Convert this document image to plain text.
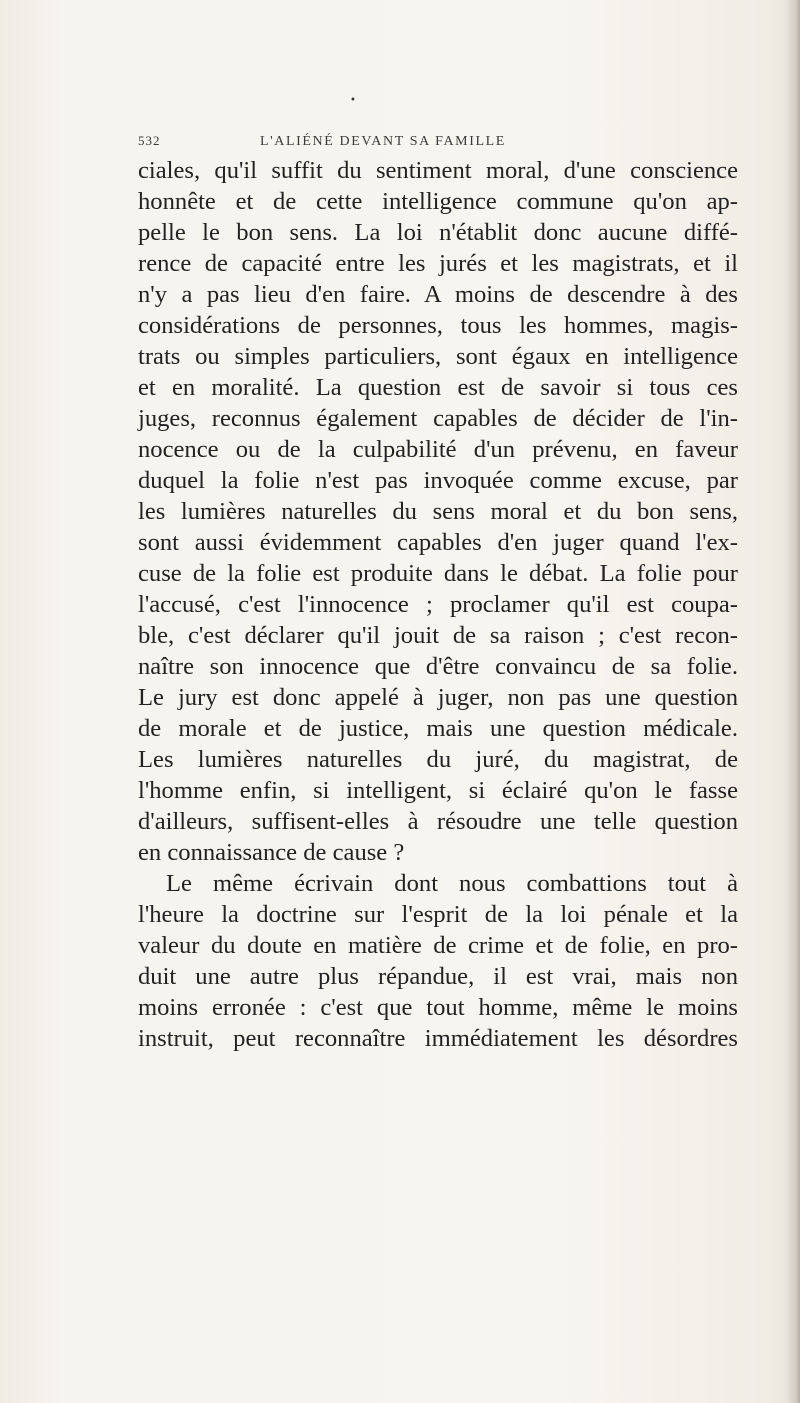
•
532	L'ALIÉNÉ DEVANT SA FAMILLE
ciales, qu'il suffit du sentiment moral, d'une conscience
honnête et de cette intelligence commune qu'on ap-
pelle le bon sens. La loi n'établit donc aucune diffé-
rence de capacité entre les jurés et les magistrats, et il
n'y a pas lieu d'en faire. A moins de descendre à des
considérations de personnes, tous les hommes, magis-
trats ou simples particuliers, sont égaux en intelligence
et en moralité. La question est de savoir si tous ces
juges, reconnus également capables de décider de l'in-
nocence ou de la culpabilité d'un prévenu, en faveur
duquel la folie n'est pas invoquée comme excuse, par
les lumières naturelles du sens moral et du bon sens,
sont aussi évidemment capables d'en juger quand l'ex-
cuse de la folie est produite dans le débat. La folie pour
l'accusé, c'est l'innocence ; proclamer qu'il est coupa-
ble, c'est déclarer qu'il jouit de sa raison ; c'est recon-
naître son innocence que d'être convaincu de sa folie.
Le jury est donc appelé à juger, non pas une question
de morale et de justice, mais une question médicale.
Les lumières naturelles du juré, du magistrat, de
l'homme enfin, si intelligent, si éclairé qu'on le fasse
d'ailleurs, suffisent-elles à résoudre une telle question
en connaissance de cause ?
Le même écrivain dont nous combattions tout à
l'heure la doctrine sur l'esprit de la loi pénale et la
valeur du doute en matière de crime et de folie, en pro-
duit une autre plus répandue, il est vrai, mais non
moins erronée : c'est que tout homme, même le moins
instruit, peut reconnaître immédiatement les désordres
